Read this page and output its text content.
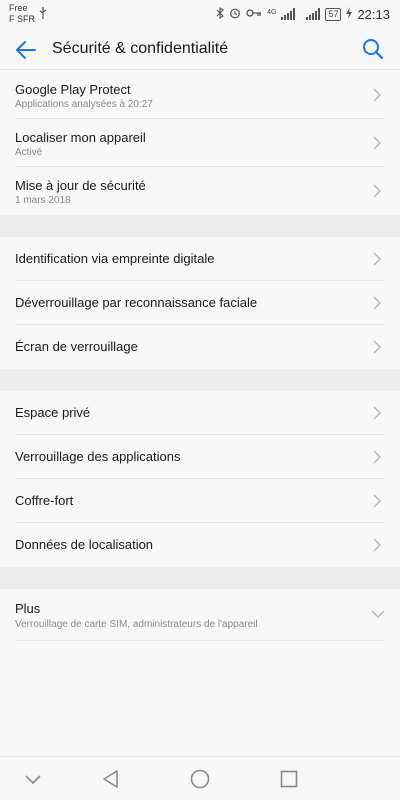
Free
F SFR
$^{4G}$	57 22:13
Sécurité & confidentialité
Google Play Protect
Applications analysées à 20:27
Localiser mon appareil
Activé
Mise à jour de sécurité
1 mars 2018
Identification via empreinte digitale
Déverrouillage par reconnaissance faciale
Écran de verrouillage
Espace privé
Verrouillage des applications
Coffre-fort
Données de localisation
Plus
Verrouillage de carte SIM, administrateurs de l'appareil
